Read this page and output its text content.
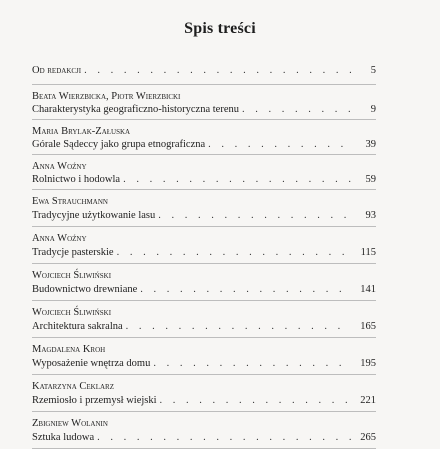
Spis treści
Od redakcji . . .	5
Beata Wierzbicka, Piotr Wierzbicki
Charakterystyka geograficzno-historyczna terenu . . .	9
Maria Brylak-Załuska
Górale Sądeccy jako grupa etnograficzna . . .	39
Anna Woźny
Rolnictwo i hodowla . . .	59
Ewa Strauchmann
Tradycyjne użytkowanie lasu . . .	93
Anna Woźny
Tradycje pasterskie . . .	115
Wojciech Śliwiński
Budownictwo drewniane . . .	141
Wojciech Śliwiński
Architektura sakralna . . .	165
Magdalena Kroh
Wyposażenie wnętrza domu . . .	195
Katarzyna Ceklarz
Rzemiosło i przemysł wiejski . . .	221
Zbigniew Wolanin
Sztuka ludowa . . .	265
